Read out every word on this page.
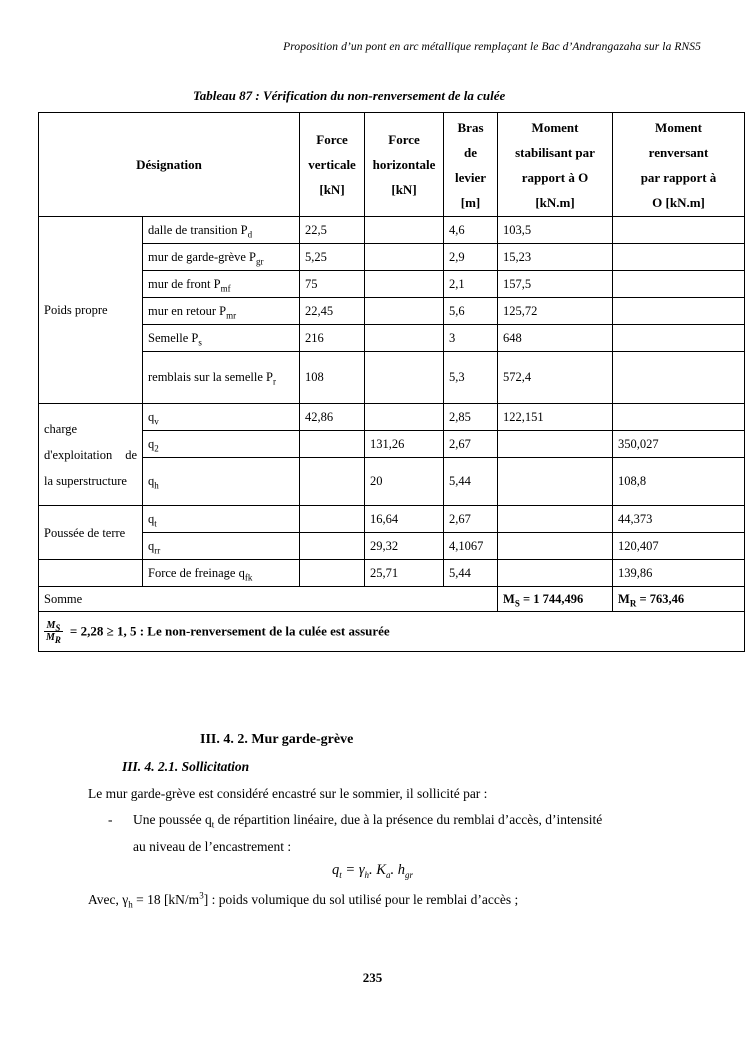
Proposition d’un pont en arc métallique remplaçant le Bac d’Andrangazaha sur la RNS5
Tableau 87 : Vérification du non-renversement de la culée
Désignation		Force verticale [kN]	Force horizontale [kN]	Bras de levier [m]	Moment stabilisant par rapport à O [kN.m]	Moment renversant par rapport à O [kN.m]

Poids propre	dalle de transition $P_d$	22,5		4,6	103,5	
	mur de garde-grève $P_{gr}$	5,25		2,9	15,23	
	mur de front $P_{mf}$	75		2,1	157,5	
	mur en retour $P_{mr}$	22,45		5,6	125,72	
	Semelle $P_s$	216		3	648	
	remblais sur la semelle $P_r$	108		5,3	572,4	
charge d'exploitation de la superstructure	$q_v$	42,86		2,85	122,151	
	$q_2$		131,26	2,67		350,027
	$q_h$		20	5,44		108,8
Poussée de terre	$q_t$		16,64	2,67		44,373
	$q_{rr}$		29,32	4,1067		120,407
	Force de freinage $q_{fk}$		25,71	5,44		139,86
Somme					$M_S = 1$ 744,496	$M_R = 763,46$

$\frac{M_S}{M_R} = 2,28 \ge 1$, 5 : Le non-renversement de la culée est assurée						
III. 4. 2. Mur garde-grève
III. 4. 2.1. Sollicitation
Le mur garde-grève est considéré encastré sur le sommier, il sollicité par :
- Une poussée $q_t$ de répartition linéaire, due à la présence du remblai d’accès, d’intensité
au niveau de l’encastrement :
$q_t = \gamma_h$. $K_a$. $h_{gr}$
Avec, $\gamma_h = 18$ $[kN/m^3]$ : poids volumique du sol utilisé pour le remblai d’accès ;
235
